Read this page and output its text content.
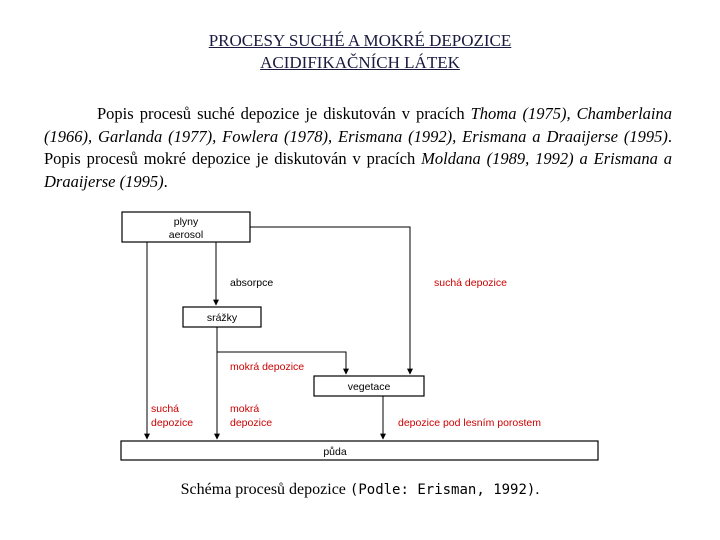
PROCESY SUCHÉ A MOKRÉ DEPOZICE
ACIDIFIKAČNÍCH LÁTEK
Popis procesů suché depozice je diskutován v pracích Thoma (1975), Chamberlaina (1966), Garlanda (1977), Fowlera (1978), Erismana (1992), Erismana a Draaijerse (1995). Popis procesů mokré depozice je diskutován v pracích Moldana (1989, 1992) a Erismana a Draaijerse (1995).
plyny
aerosol
srážky
vegetace
půda
absorpce	suchá depozice
mokrá depozice
suchá
depozice
mokrá
depozice	depozice pod lesním porostem
Schéma procesů depozice (Podle: Erisman, 1992).
